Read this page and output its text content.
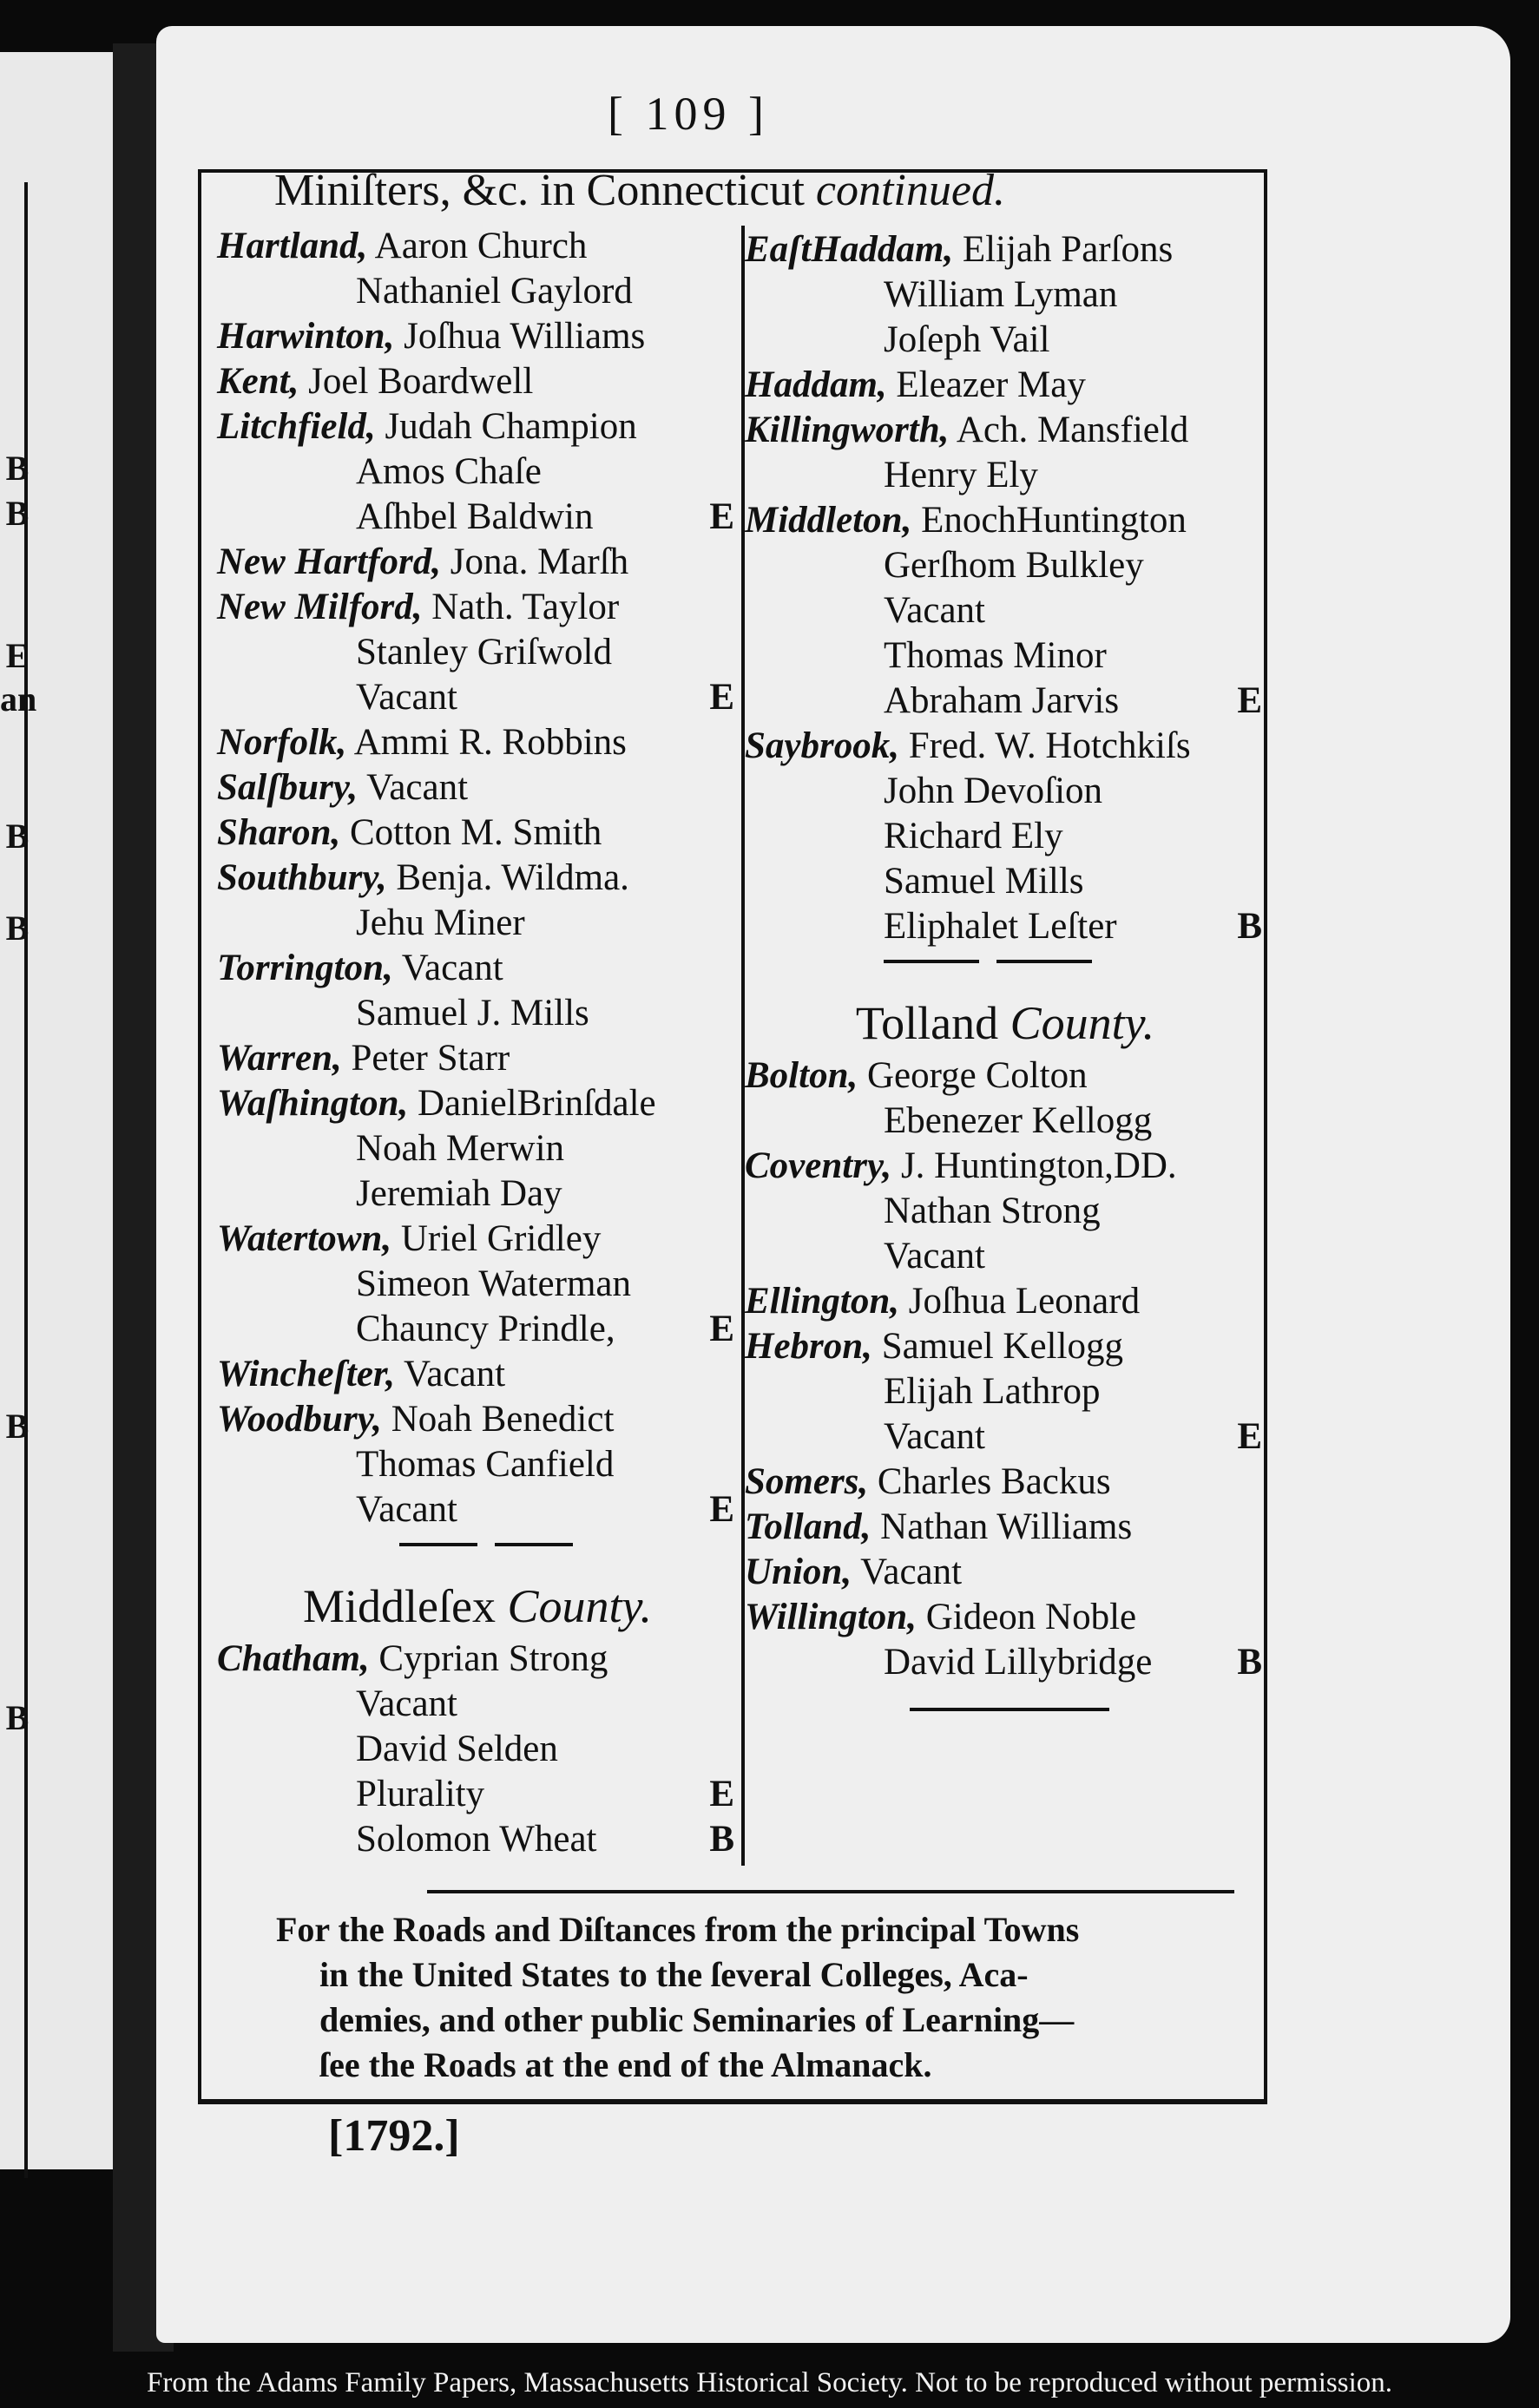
B
B
E
an
B
B
B
B
[ 109 ]
Miniſters, &c. in Connecticut continued.
Hartland, Aaron Church
Nathaniel Gaylord
Harwinton, Joſhua Williams
Kent, Joel Boardwell
Litchfield, Judah Champion
Amos Chaſe
Aſhbel Baldwin	E
New Hartford, Jona. Marſh
New Milford, Nath. Taylor
Stanley Griſwold
Vacant	E
Norfolk, Ammi R. Robbins
Salſbury, Vacant
Sharon, Cotton M. Smith
Southbury, Benja. Wildma.
Jehu Miner
Torrington, Vacant
Samuel J. Mills
Warren, Peter Starr
Waſhington, DanielBrinſdale
Noah Merwin
Jeremiah Day
Watertown, Uriel Gridley
Simeon Waterman
Chauncy Prindle,	E
Wincheſter, Vacant
Woodbury, Noah Benedict
Thomas Canfield
Vacant	E
Middleſex County.
Chatham, Cyprian Strong
Vacant
David Selden
Plurality	E
Solomon Wheat	B
EaſtHaddam, Elijah Parſons
William Lyman
Joſeph Vail
Haddam, Eleazer May
Killingworth, Ach. Mansfield
Henry Ely
Middleton, EnochHuntington
Gerſhom Bulkley
Vacant
Thomas Minor
Abraham Jarvis	E
Saybrook, Fred. W. Hotchkiſs
John Devoſion
Richard Ely
Samuel Mills
Eliphalet Leſter	B
Tolland County.
Bolton, George Colton
Ebenezer Kellogg
Coventry, J. Huntington,DD.
Nathan Strong
Vacant
Ellington, Joſhua Leonard
Hebron, Samuel Kellogg
Elijah Lathrop
Vacant	E
Somers, Charles Backus
Tolland, Nathan Williams
Union, Vacant
Willington, Gideon Noble
David Lillybridge B
For the Roads and Diſtances from the principal Towns
in the United States to the ſeveral Colleges, Aca-
demies, and other public Seminaries of Learning—
ſee the Roads at the end of the Almanack.
[1792.]
From the Adams Family Papers, Massachusetts Historical Society. Not to be reproduced without permission.
